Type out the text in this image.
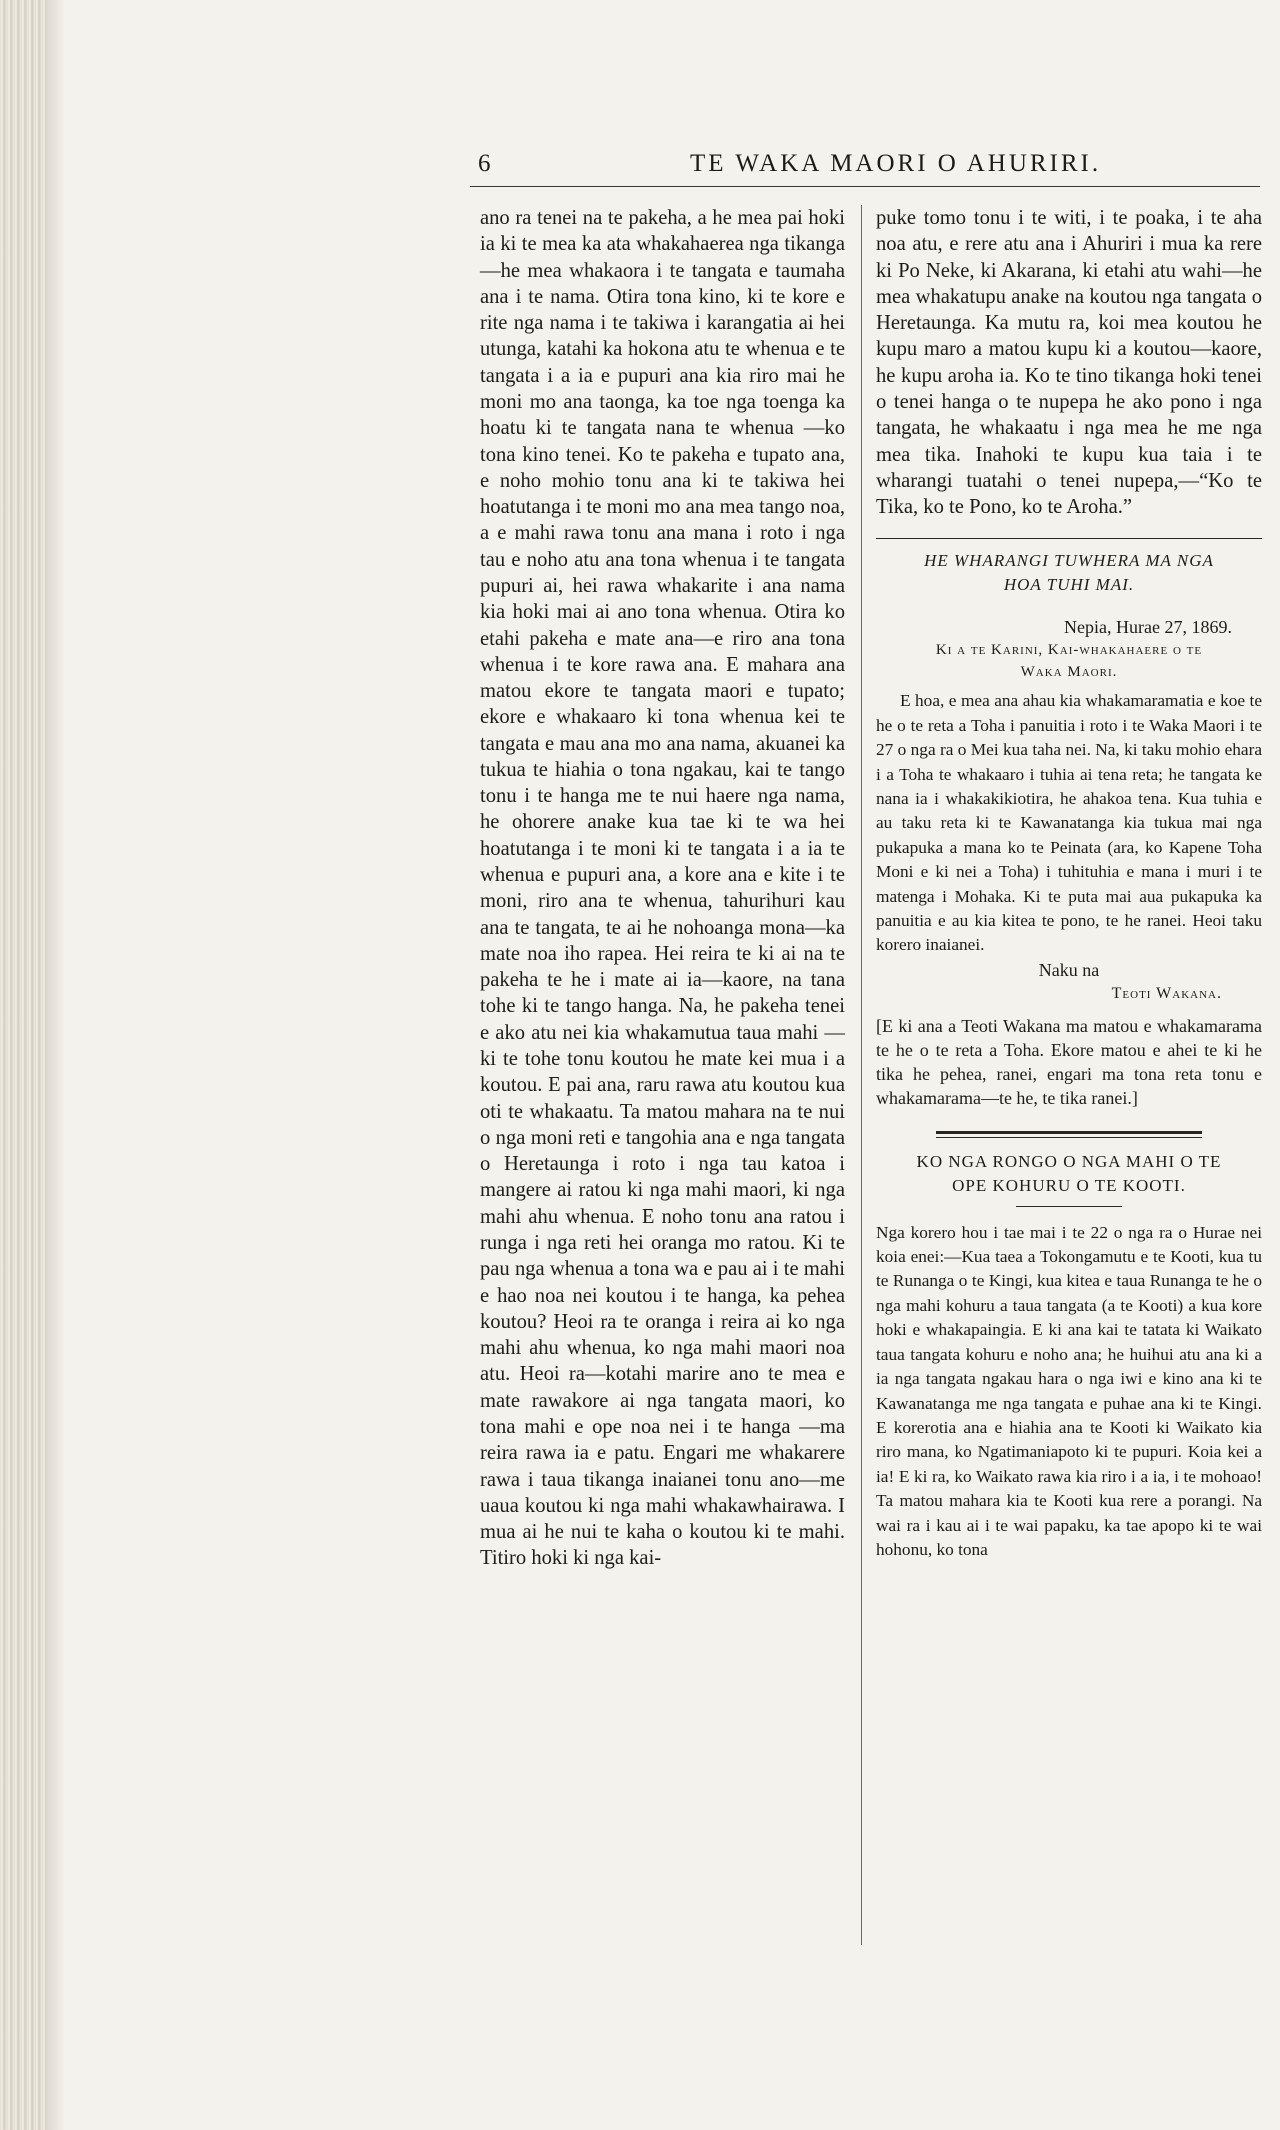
6	TE WAKA MAORI O AHURIRI.
ano ra tenei na te pakeha, a he mea pai hoki ia ki te mea ka ata whakahaerea nga tikanga—he mea whakaora i te tangata e taumaha ana i te nama. Otira tona kino, ki te kore e rite nga nama i te takiwa i karangatia ai hei utunga, katahi ka hokona atu te whenua e te tangata i a ia e pupuri ana kia riro mai he moni mo ana taonga, ka toe nga toenga ka hoatu ki te tangata nana te whenua —ko tona kino tenei. Ko te pakeha e tupato ana, e noho mohio tonu ana ki te takiwa hei hoatutanga i te moni mo ana mea tango noa, a e mahi rawa tonu ana mana i roto i nga tau e noho atu ana tona whenua i te tangata pupuri ai, hei rawa whakarite i ana nama kia hoki mai ai ano tona whenua. Otira ko etahi pakeha e mate ana—e riro ana tona whenua i te kore rawa ana. E mahara ana matou ekore te tangata maori e tupato; ekore e whakaaro ki tona whenua kei te tangata e mau ana mo ana nama, akuanei ka tukua te hiahia o tona ngakau, kai te tango tonu i te hanga me te nui haere nga nama, he ohorere anake kua tae ki te wa hei hoatutanga i te moni ki te tangata i a ia te whenua e pupuri ana, a kore ana e kite i te moni, riro ana te whenua, tahurihuri kau ana te tangata, te ai he nohoanga mona—ka mate noa iho rapea. Hei reira te ki ai na te pakeha te he i mate ai ia—kaore, na tana tohe ki te tango hanga. Na, he pakeha tenei e ako atu nei kia whakamutua taua mahi —ki te tohe tonu koutou he mate kei mua i a koutou. E pai ana, raru rawa atu koutou kua oti te whakaatu. Ta matou mahara na te nui o nga moni reti e tangohia ana e nga tangata o Heretaunga i roto i nga tau katoa i mangere ai ratou ki nga mahi maori, ki nga mahi ahu whenua. E noho tonu ana ratou i runga i nga reti hei oranga mo ratou. Ki te pau nga whenua a tona wa e pau ai i te mahi e hao noa nei koutou i te hanga, ka pehea koutou? Heoi ra te oranga i reira ai ko nga mahi ahu whenua, ko nga mahi maori noa atu. Heoi ra—kotahi marire ano te mea e mate rawakore ai nga tangata maori, ko tona mahi e ope noa nei i te hanga —ma reira rawa ia e patu. Engari me whakarere rawa i taua tikanga inaianei tonu ano—me uaua koutou ki nga mahi whakawhairawa. I mua ai he nui te kaha o koutou ki te mahi. Titiro hoki ki nga kai-

puke tomo tonu i te witi, i te poaka, i te aha noa atu, e rere atu ana i Ahuriri i mua ka rere ki Po Neke, ki Akarana, ki etahi atu wahi—he mea whakatupu anake na koutou nga tangata o Heretaunga. Ka mutu ra, koi mea koutou he kupu maro a matou kupu ki a koutou—kaore, he kupu aroha ia. Ko te tino tikanga hoki tenei o tenei hanga o te nupepa he ako pono i nga tangata, he whakaatu i nga mea he me nga mea tika. Inahoki te kupu kua taia i te wharangi tuatahi o tenei nupepa,—“Ko te Tika, ko te Pono, ko te Aroha.”

HE WHARANGI TUWHERA MA NGA
HOA TUHI MAI.

Nepia, Hurae 27, 1869.

Ki a te Karini, Kai-whakahaere o te
Waka Maori.

E hoa, e mea ana ahau kia whakamaramatia e koe te he o te reta a Toha i panuitia i roto i te Waka Maori i te 27 o nga ra o Mei kua taha nei. Na, ki taku mohio ehara i a Toha te whakaaro i tuhia ai tena reta; he tangata ke nana ia i whakakikiotira, he ahakoa tena. Kua tuhia e au taku reta ki te Kawanatanga kia tukua mai nga pukapuka a mana ko te Peinata (ara, ko Kapene Toha Moni e ki nei a Toha) i tuhituhia e mana i muri i te matenga i Mohaka. Ki te puta mai aua pukapuka ka panuitia e au kia kitea te pono, te he ranei. Heoi taku korero inaianei.

Naku na

Teoti Wakana.

[E ki ana a Teoti Wakana ma matou e whakamarama te he o te reta a Toha. Ekore matou e ahei te ki he tika he pehea, ranei, engari ma tona reta tonu e whakamarama—te he, te tika ranei.]

KO NGA RONGO O NGA MAHI O TE
OPE KOHURU O TE KOOTI.

Nga korero hou i tae mai i te 22 o nga ra o Hurae nei koia enei:—Kua taea a Tokongamutu e te Kooti, kua tu te Runanga o te Kingi, kua kitea e taua Runanga te he o nga mahi kohuru a taua tangata (a te Kooti) a kua kore hoki e whakapaingia. E ki ana kai te tatata ki Waikato taua tangata kohuru e noho ana; he huihui atu ana ki a ia nga tangata ngakau hara o nga iwi e kino ana ki te Kawanatanga me nga tangata e puhae ana ki te Kingi. E korerotia ana e hiahia ana te Kooti ki Waikato kia riro mana, ko Ngatimaniapoto ki te pupuri. Koia kei a ia! E ki ra, ko Waikato rawa kia riro i a ia, i te mohoao! Ta matou mahara kia te Kooti kua rere a porangi. Na wai ra i kau ai i te wai papaku, ka tae apopo ki te wai hohonu, ko tona
